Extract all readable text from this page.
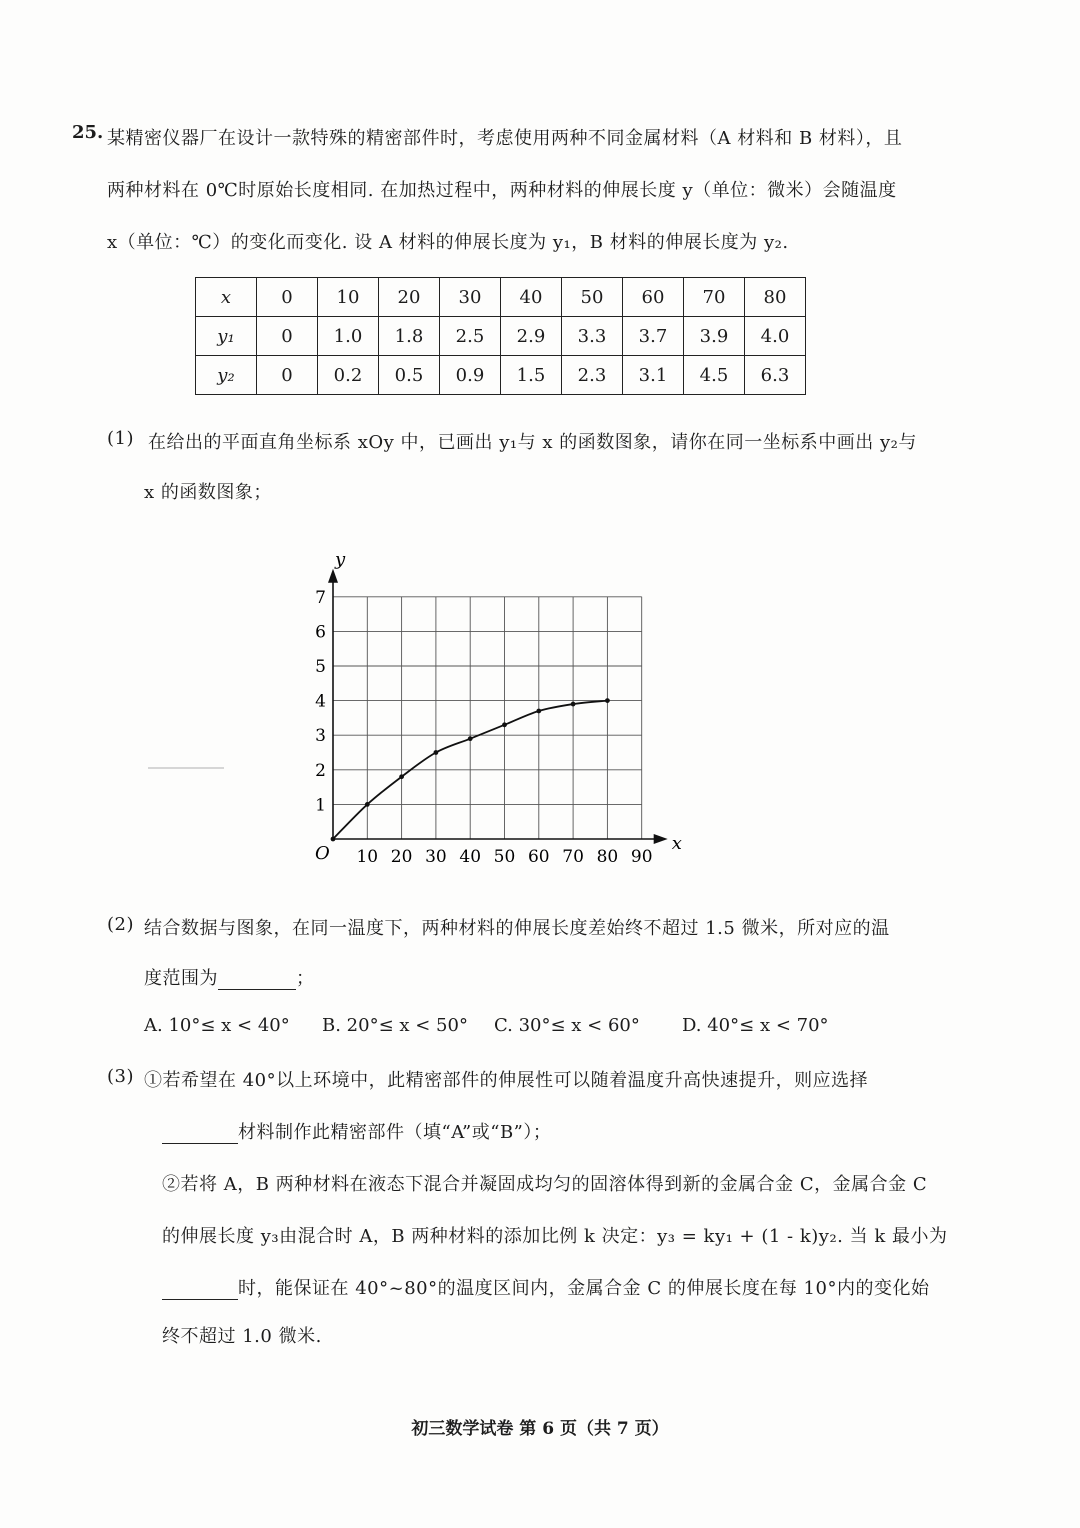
25. 某精密仪器厂在设计一款特殊的精密部件时，考虑使用两种不同金属材料（A 材料和 B 材料），且
两种材料在 0℃时原始长度相同. 在加热过程中，两种材料的伸展长度 y（单位：微米）会随温度
x（单位：℃）的变化而变化. 设 A 材料的伸展长度为 y₁，B 材料的伸展长度为 y₂.
x	0	10	20	30	40	50	60	70	80
y₁	0	1.0	1.8	2.5	2.9	3.3	3.7	3.9	4.0
y₂	0	0.2	0.5	0.9	1.5	2.3	3.1	4.5	6.3
(1) 在给出的平面直角坐标系 xOy 中，已画出 y₁与 x 的函数图象，请你在同一坐标系中画出 y₂与
x 的函数图象；
x
y
O 10 20 30 40 50 60 70 80 90
1
2
3
4
5
6
7
(2) 结合数据与图象，在同一温度下，两种材料的伸展长度差始终不超过 1.5 微米，所对应的温
度范围为	；
A. 10°≤ x < 40° B. 20°≤ x < 50° C. 30°≤ x < 60° D. 40°≤ x < 70°
(3) ①若希望在 40°以上环境中，此精密部件的伸展性可以随着温度升高快速提升，则应选择
材料制作此精密部件（填“A”或“B”）；
②若将 A，B 两种材料在液态下混合并凝固成均匀的固溶体得到新的金属合金 C，金属合金 C
的伸展长度 y₃由混合时 A，B 两种材料的添加比例 k 决定：y₃ = ky₁ + (1 - k)y₂. 当 k 最小为
时，能保证在 40°~80°的温度区间内，金属合金 C 的伸展长度在每 10°内的变化始
终不超过 1.0 微米.
初三数学试卷 第 6 页（共 7 页）
